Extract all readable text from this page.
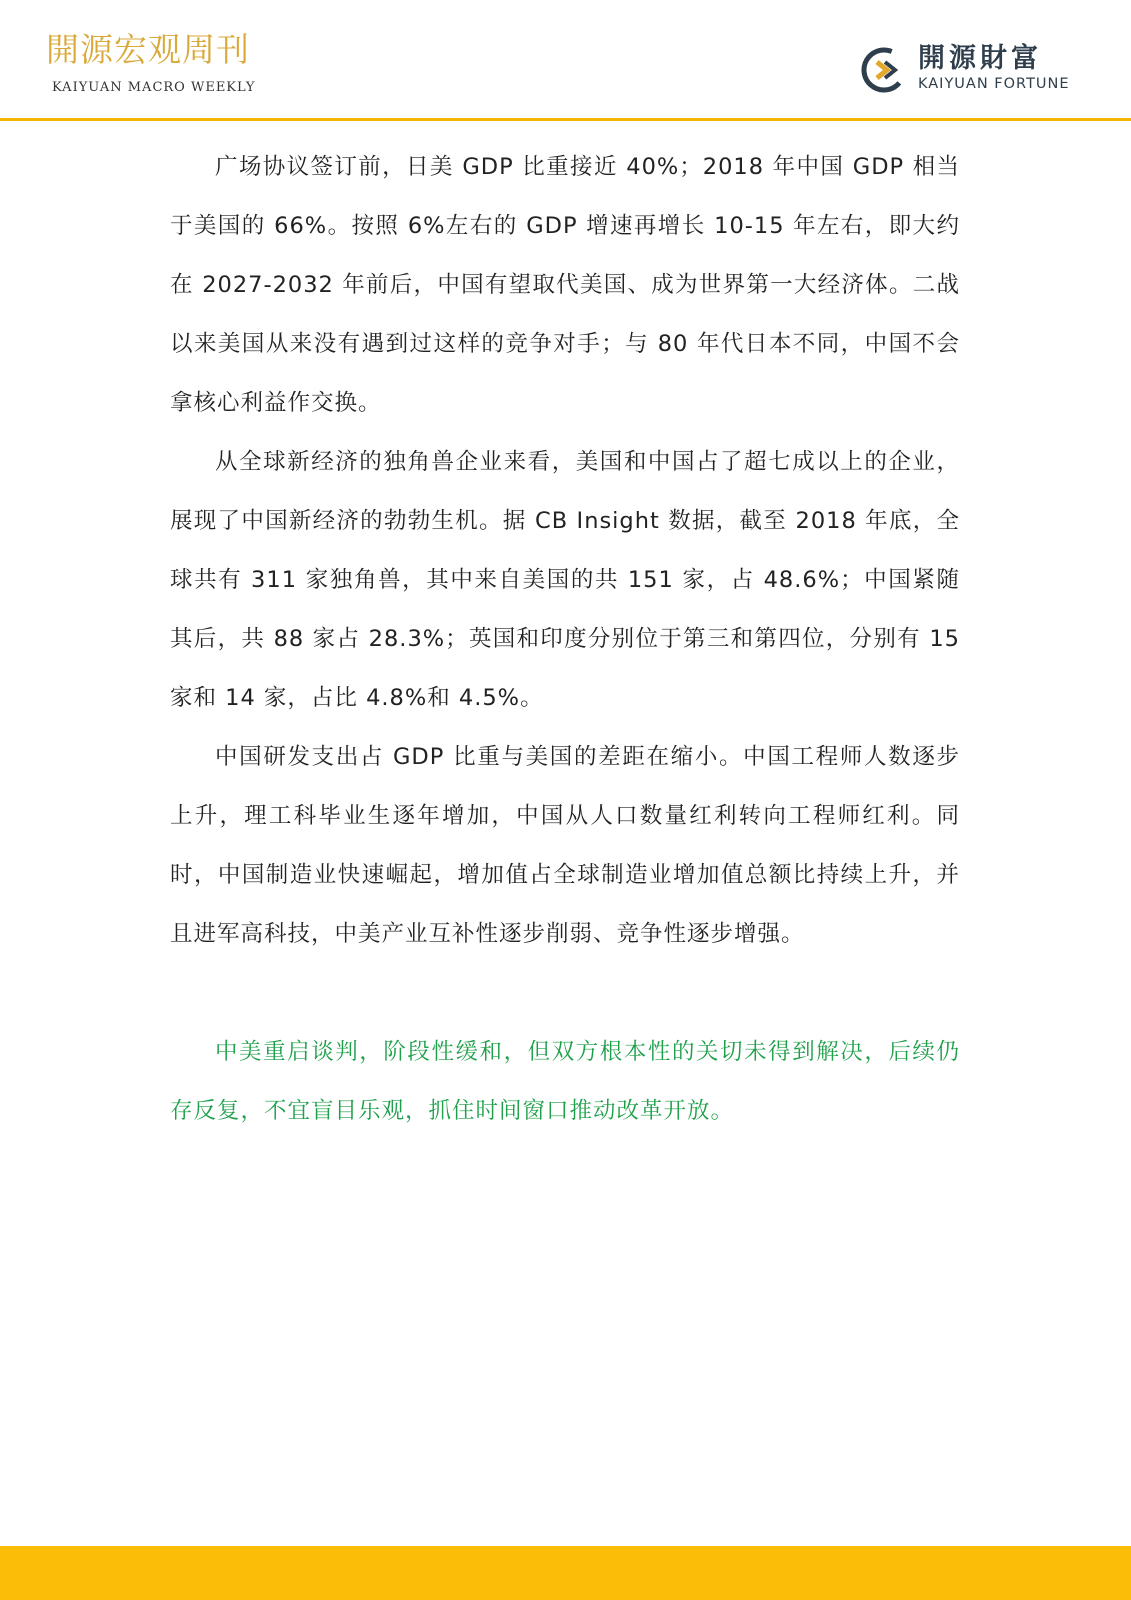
開源宏观周刊
KAIYUAN MACRO WEEKLY
開源財富
KAIYUAN FORTUNE

广场协议签订前，日美 GDP 比重接近 40%；2018 年中国 GDP 相当于美国的 66%。按照 6%左右的 GDP 增速再增长 10-15 年左右，即大约在 2027-2032 年前后，中国有望取代美国、成为世界第一大经济体。二战以来美国从来没有遇到过这样的竞争对手；与 80 年代日本不同，中国不会拿核心利益作交换。

从全球新经济的独角兽企业来看，美国和中国占了超七成以上的企业，展现了中国新经济的勃勃生机。据 CB Insight 数据，截至 2018 年底，全球共有 311 家独角兽，其中来自美国的共 151 家，占 48.6%；中国紧随其后，共 88 家占 28.3%；英国和印度分别位于第三和第四位，分别有 15 家和 14 家，占比 4.8%和 4.5%。

中国研发支出占 GDP 比重与美国的差距在缩小。中国工程师人数逐步上升，理工科毕业生逐年增加，中国从人口数量红利转向工程师红利。同时，中国制造业快速崛起，增加值占全球制造业增加值总额比持续上升，并且进军高科技，中美产业互补性逐步削弱、竞争性逐步增强。

中美重启谈判，阶段性缓和，但双方根本性的关切未得到解决，后续仍存反复，不宜盲目乐观，抓住时间窗口推动改革开放。
